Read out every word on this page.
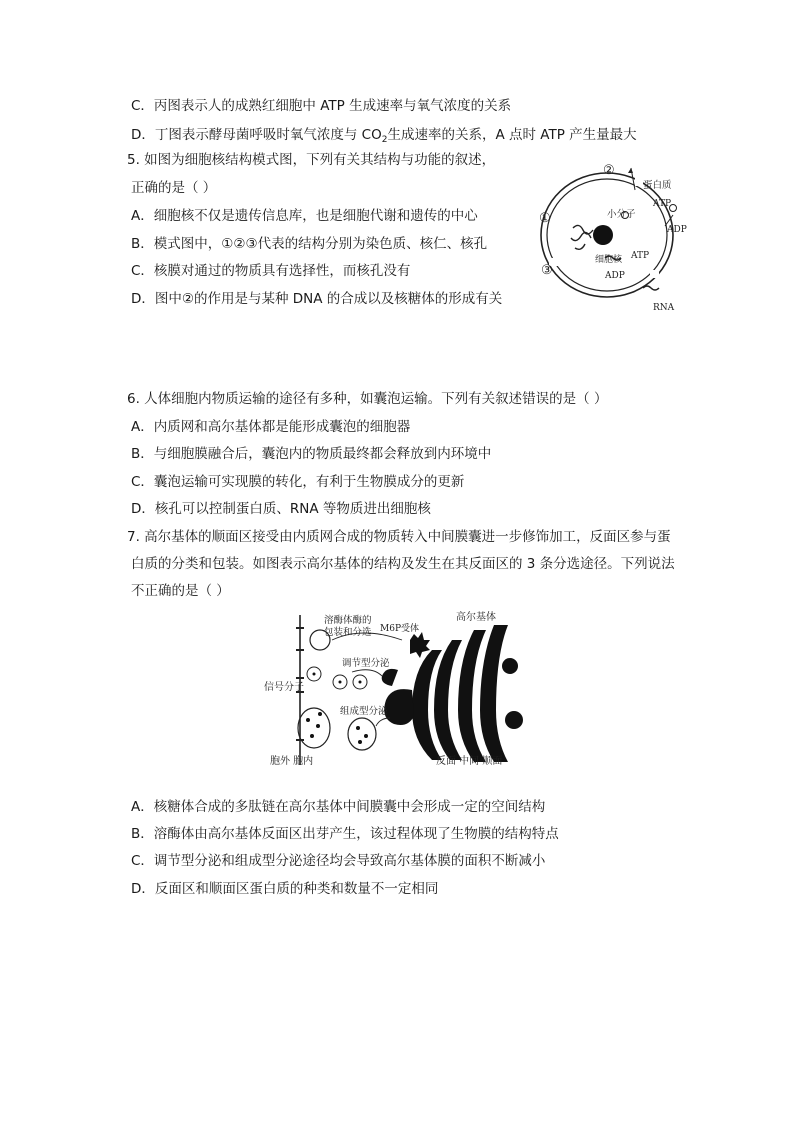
C．丙图表示人的成熟红细胞中 ATP 生成速率与氧气浓度的关系
D．丁图表示酵母菌呼吸时氧气浓度与 $CO_2$生成速率的关系，A 点时 ATP 产生量最大
5. 如图为细胞核结构模式图，下列有关其结构与功能的叙述，
正确的是（ ）
A．细胞核不仅是遗传信息库，也是细胞代谢和遗传的中心
B．模式图中，①②③代表的结构分别为染色质、核仁、核孔
C．核膜对通过的物质具有选择性，而核孔没有
D．图中②的作用是与某种 DNA 的合成以及核糖体的形成有关
①
②
③
蛋白质
小分子
ATP
ADP
细胞核 ATP
ADP
RNA
6. 人体细胞内物质运输的途径有多种，如囊泡运输。下列有关叙述错误的是（ ）
A．内质网和高尔基体都是能形成囊泡的细胞器
B．与细胞膜融合后，囊泡内的物质最终都会释放到内环境中
C．囊泡运输可实现膜的转化，有利于生物膜成分的更新
D．核孔可以控制蛋白质、RNA 等物质进出细胞核
7. 高尔基体的顺面区接受由内质网合成的物质转入中间膜囊进一步修饰加工，反面区参与蛋
白质的分类和包装。如图表示高尔基体的结构及发生在其反面区的 3 条分选途径。下列说法
不正确的是（ ）
溶酶体酶的
包装和分选 M6P受体
高尔基体
调节型分泌
信号分子
组成型分泌
胞外 胞内	反面 中间 顺面
A．核糖体合成的多肽链在高尔基体中间膜囊中会形成一定的空间结构
B．溶酶体由高尔基体反面区出芽产生，该过程体现了生物膜的结构特点
C．调节型分泌和组成型分泌途径均会导致高尔基体膜的面积不断减小
D．反面区和顺面区蛋白质的种类和数量不一定相同
